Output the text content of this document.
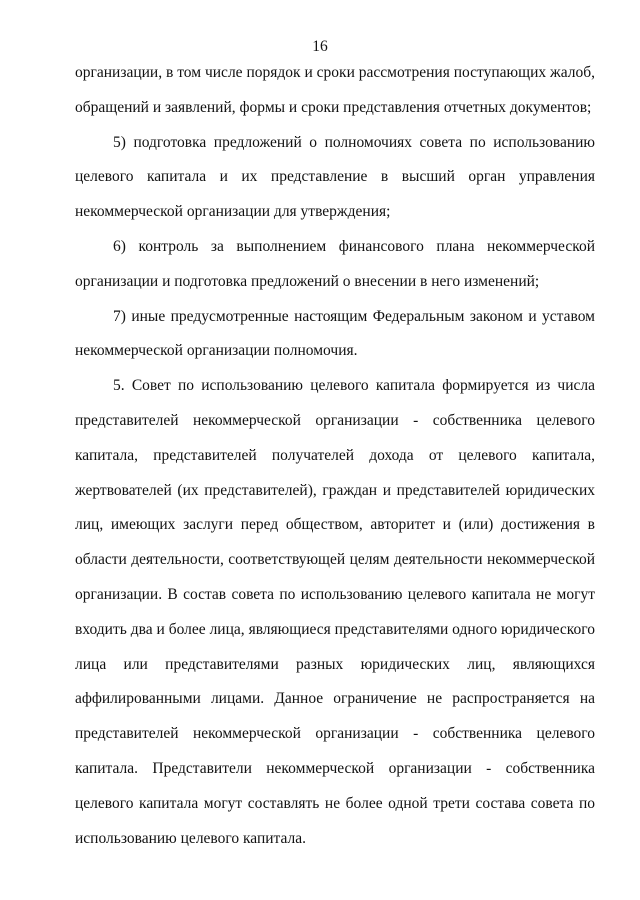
16
организации, в том числе порядок и сроки рассмотрения поступающих жалоб,
обращений и заявлений, формы и сроки представления отчетных документов;
5) подготовка предложений о полномочиях совета по использованию
целевого капитала и их представление в высший орган управления
некоммерческой организации для утверждения;
6) контроль за выполнением финансового плана некоммерческой
организации и подготовка предложений о внесении в него изменений;
7) иные предусмотренные настоящим Федеральным законом и уставом
некоммерческой организации полномочия.
5. Совет по использованию целевого капитала формируется из числа
представителей некоммерческой организации - собственника целевого
капитала, представителей получателей дохода от целевого капитала,
жертвователей (их представителей), граждан и представителей юридических
лиц, имеющих заслуги перед обществом, авторитет и (или) достижения в
области деятельности, соответствующей целям деятельности некоммерческой
организации. В состав совета по использованию целевого капитала не могут
входить два и более лица, являющиеся представителями одного юридического
лица или представителями разных юридических лиц, являющихся
аффилированными лицами. Данное ограничение не распространяется на
представителей некоммерческой организации - собственника целевого
капитала. Представители некоммерческой организации - собственника
целевого капитала могут составлять не более одной трети состава совета по
использованию целевого капитала.
